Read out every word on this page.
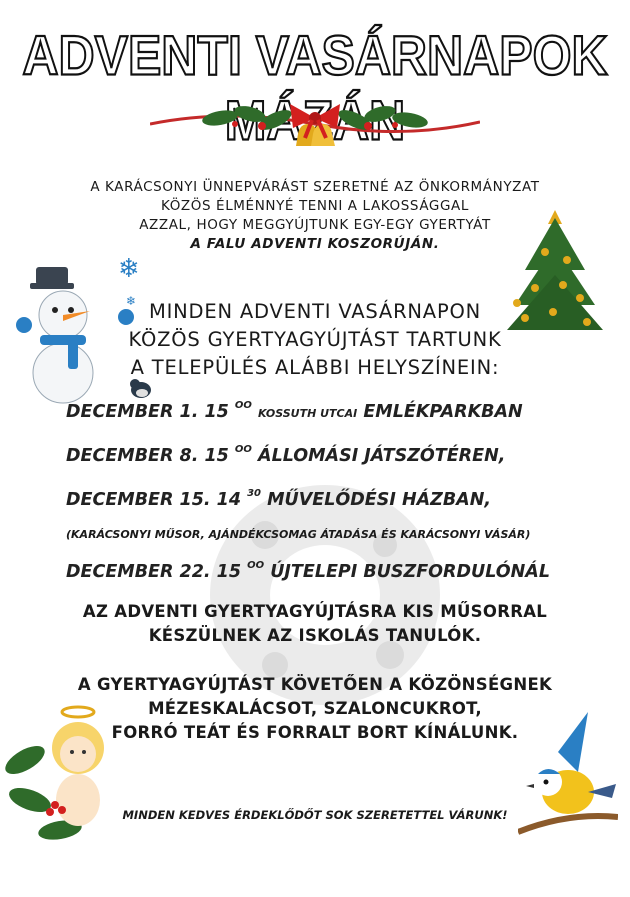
ADVENTI VASÁRNAPOK
A KARÁCSONYI ÜNNEPVÁRÁST SZERETNÉ AZ ÖNKORMÁNYZAT
KÖZÖS ÉLMÉNNYÉ TENNI A LAKOSSÁGGAL
AZZAL, HOGY MEGGYÚJTUNK EGY-EGY GYERTYÁT
A FALU ADVENTI KOSZORÚJÁN.
❄
❄ MINDEN ADVENTI VASÁRNAPON
KÖZÖS GYERTYAGYÚJTÁST TARTUNK
A TELEPÜLÉS ALÁBBI HELYSZÍNEIN:
DECEMBER 1. 15 $^{OO}$ KOSSUTH UTCAI EMLÉKPARKBAN
DECEMBER 8. 15 $^{OO}$ ÁLLOMÁSI JÁTSZÓTÉREN,
DECEMBER 15. 14 $^{30}$ MŰVELŐDÉSI HÁZBAN,
(KARÁCSONYI MŰSOR, AJÁNDÉKCSOMAG ÁTADÁSA ÉS KARÁCSONYI VÁSÁR)
DECEMBER 22. 15 $^{OO}$ ÚJTELEPI BUSZFORDULÓNÁL
AZ ADVENTI GYERTYAGYÚJTÁSRA KIS MŰSORRAL
KÉSZÜLNEK AZ ISKOLÁS TANULÓK.
A GYERTYAGYÚJTÁST KÖVETŐEN A KÖZÖNSÉGNEK
MÉZESKALÁCSOT, SZALONCUKROT,
FORRÓ TEÁT ÉS FORRALT BORT KÍNÁLUNK.
MINDEN KEDVES ÉRDEKLŐDŐT SOK SZERETETTEL VÁRUNK!
